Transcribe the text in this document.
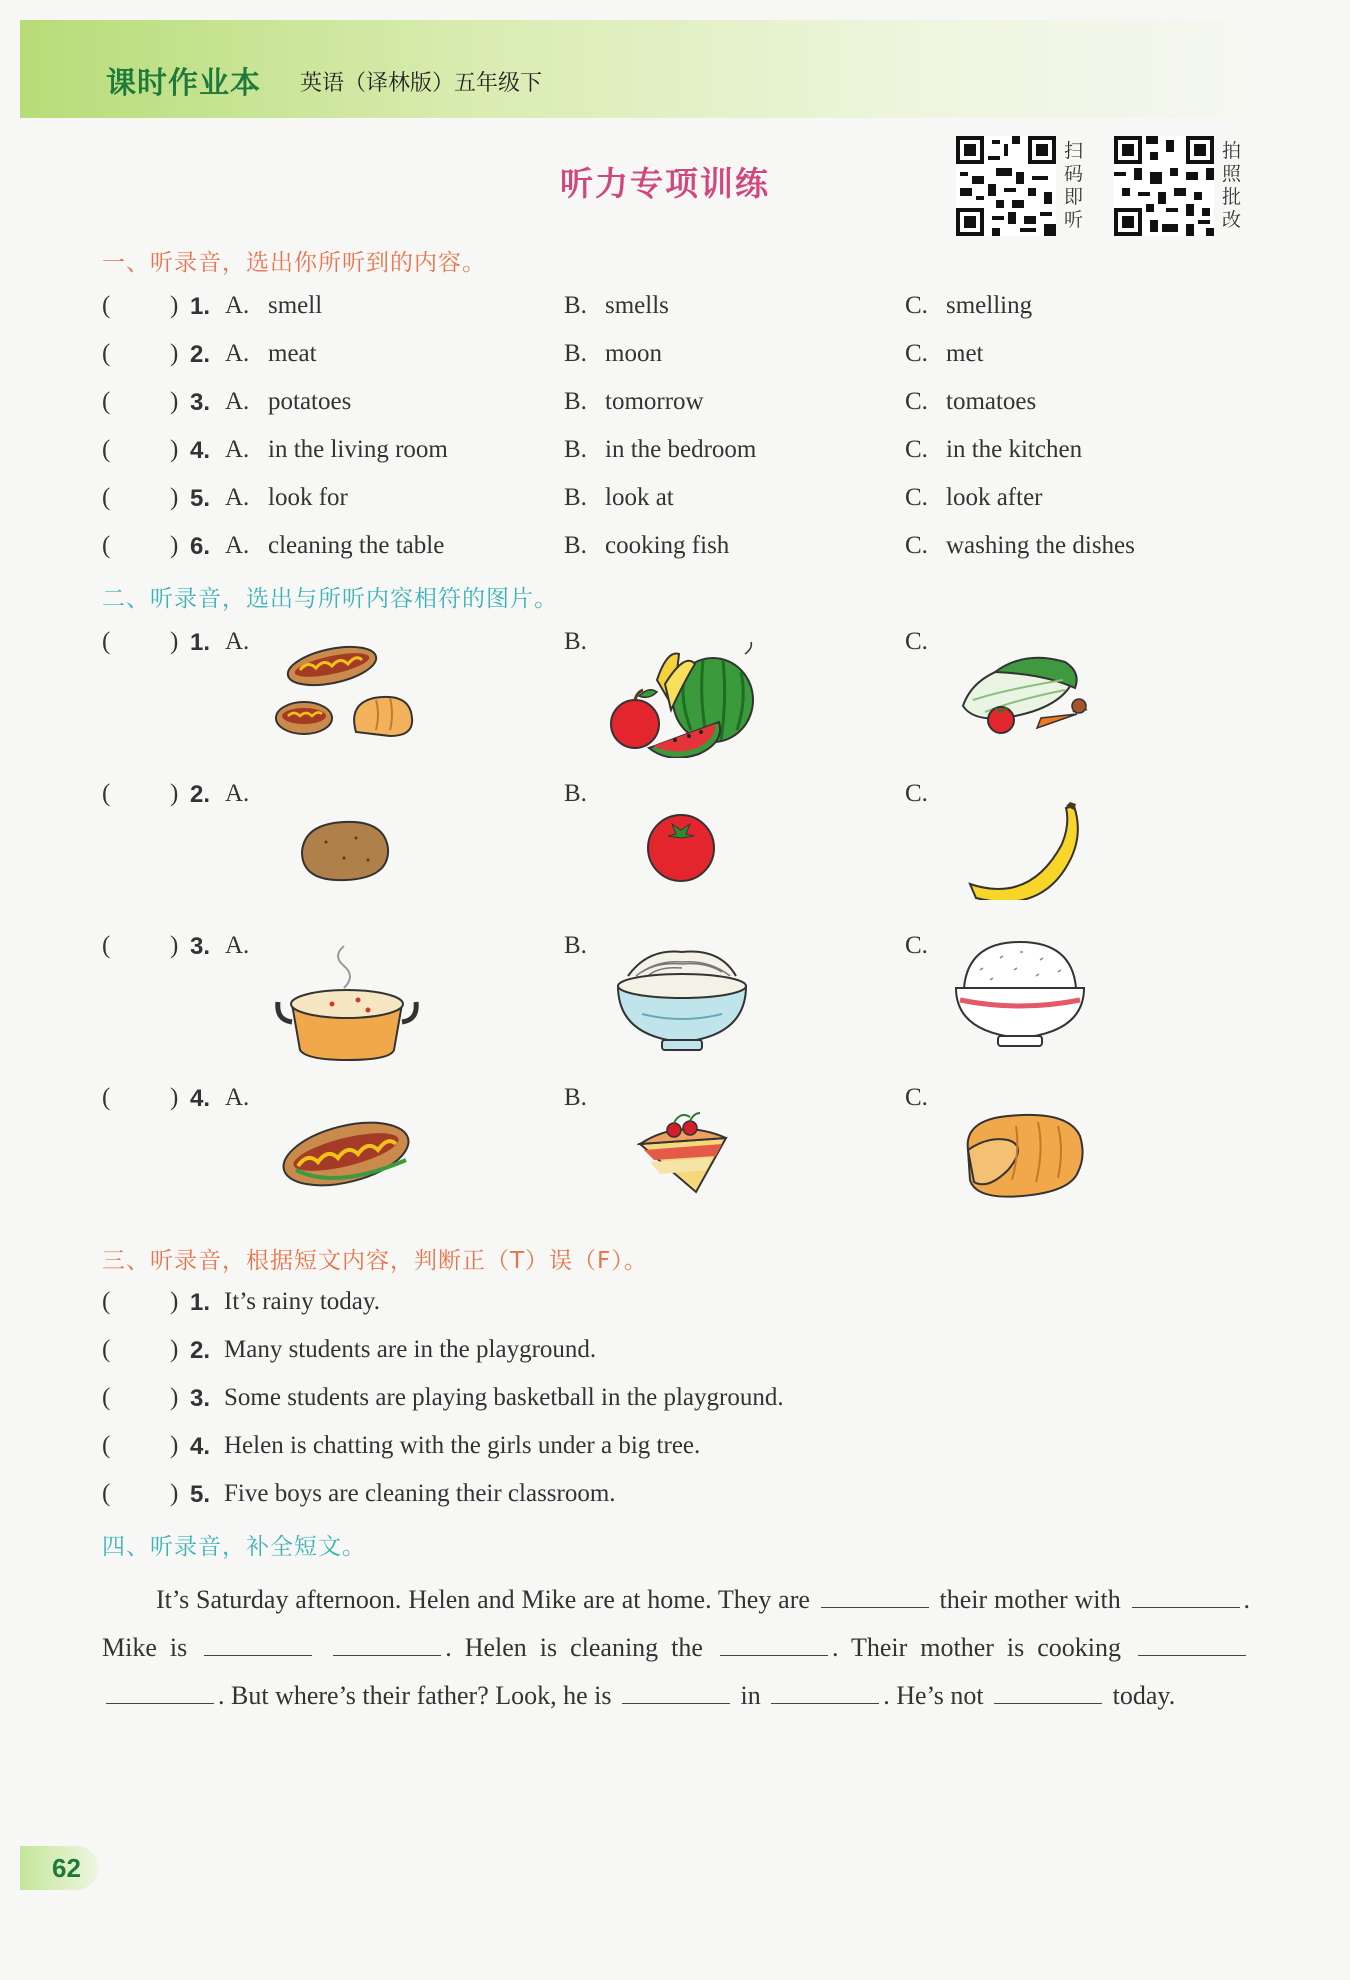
课时作业本 英语（译林版）五年级下
听力专项训练
扫
码
即
听
拍
照
批
改
一、听录音，选出你所听到的内容。
( ) 1. A. smell	B. smells	C. smelling
( ) 2. A. meat	B. moon	C. met
( ) 3. A. potatoes	B. tomorrow	C. tomatoes
( ) 4. A. in the living room	B. in the bedroom	C. in the kitchen
( ) 5. A. look for	B. look at	C. look after
( ) 6. A. cleaning the table	B. cooking fish	C. washing the dishes
二、听录音，选出与所听内容相符的图片。
( ) 1. A.	B.	C.
( ) 2. A.	B.	C.
( ) 3. A.	B.	C.
( ) 4. A.	B.	C.
三、听录音，根据短文内容，判断正（T）误（F）。
( ) 1. It’s rainy today.
( ) 2. Many students are in the playground.
( ) 3. Some students are playing basketball in the playground.
( ) 4. Helen is chatting with the girls under a big tree.
( ) 5. Five boys are cleaning their classroom.
四、听录音，补全短文。
It’s Saturday afternoon. Helen and Mike are at home. They are	their mother with	. Mike is	. Helen is cleaning the	. Their mother is cooking  . But where’s their father? Look, he is	in	. He’s not	today.
62
